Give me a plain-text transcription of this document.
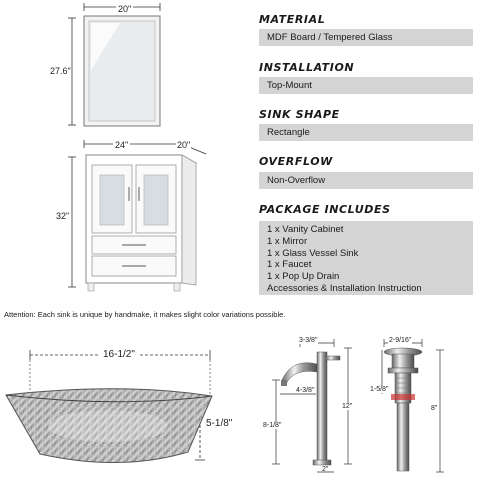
20"
27.6"
24"	20"
32"
MATERIAL
MDF Board / Tempered Glass
INSTALLATION
Top-Mount
SINK SHAPE
Rectangle
OVERFLOW
Non-Overflow
PACKAGE INCLUDES
1 x Vanity Cabinet
1 x Mirror
1 x Glass Vessel Sink
1 x Faucet
1 x Pop Up Drain
Accessories & Installation Instruction
Attention: Each sink is unique by handmake, it makes slight color variations possible.
16-1/2"
5-1/8"
3-3/8"
4-3/8"
12"
8-1/8"
2"
2-9/16"
1-5/8"
8"
